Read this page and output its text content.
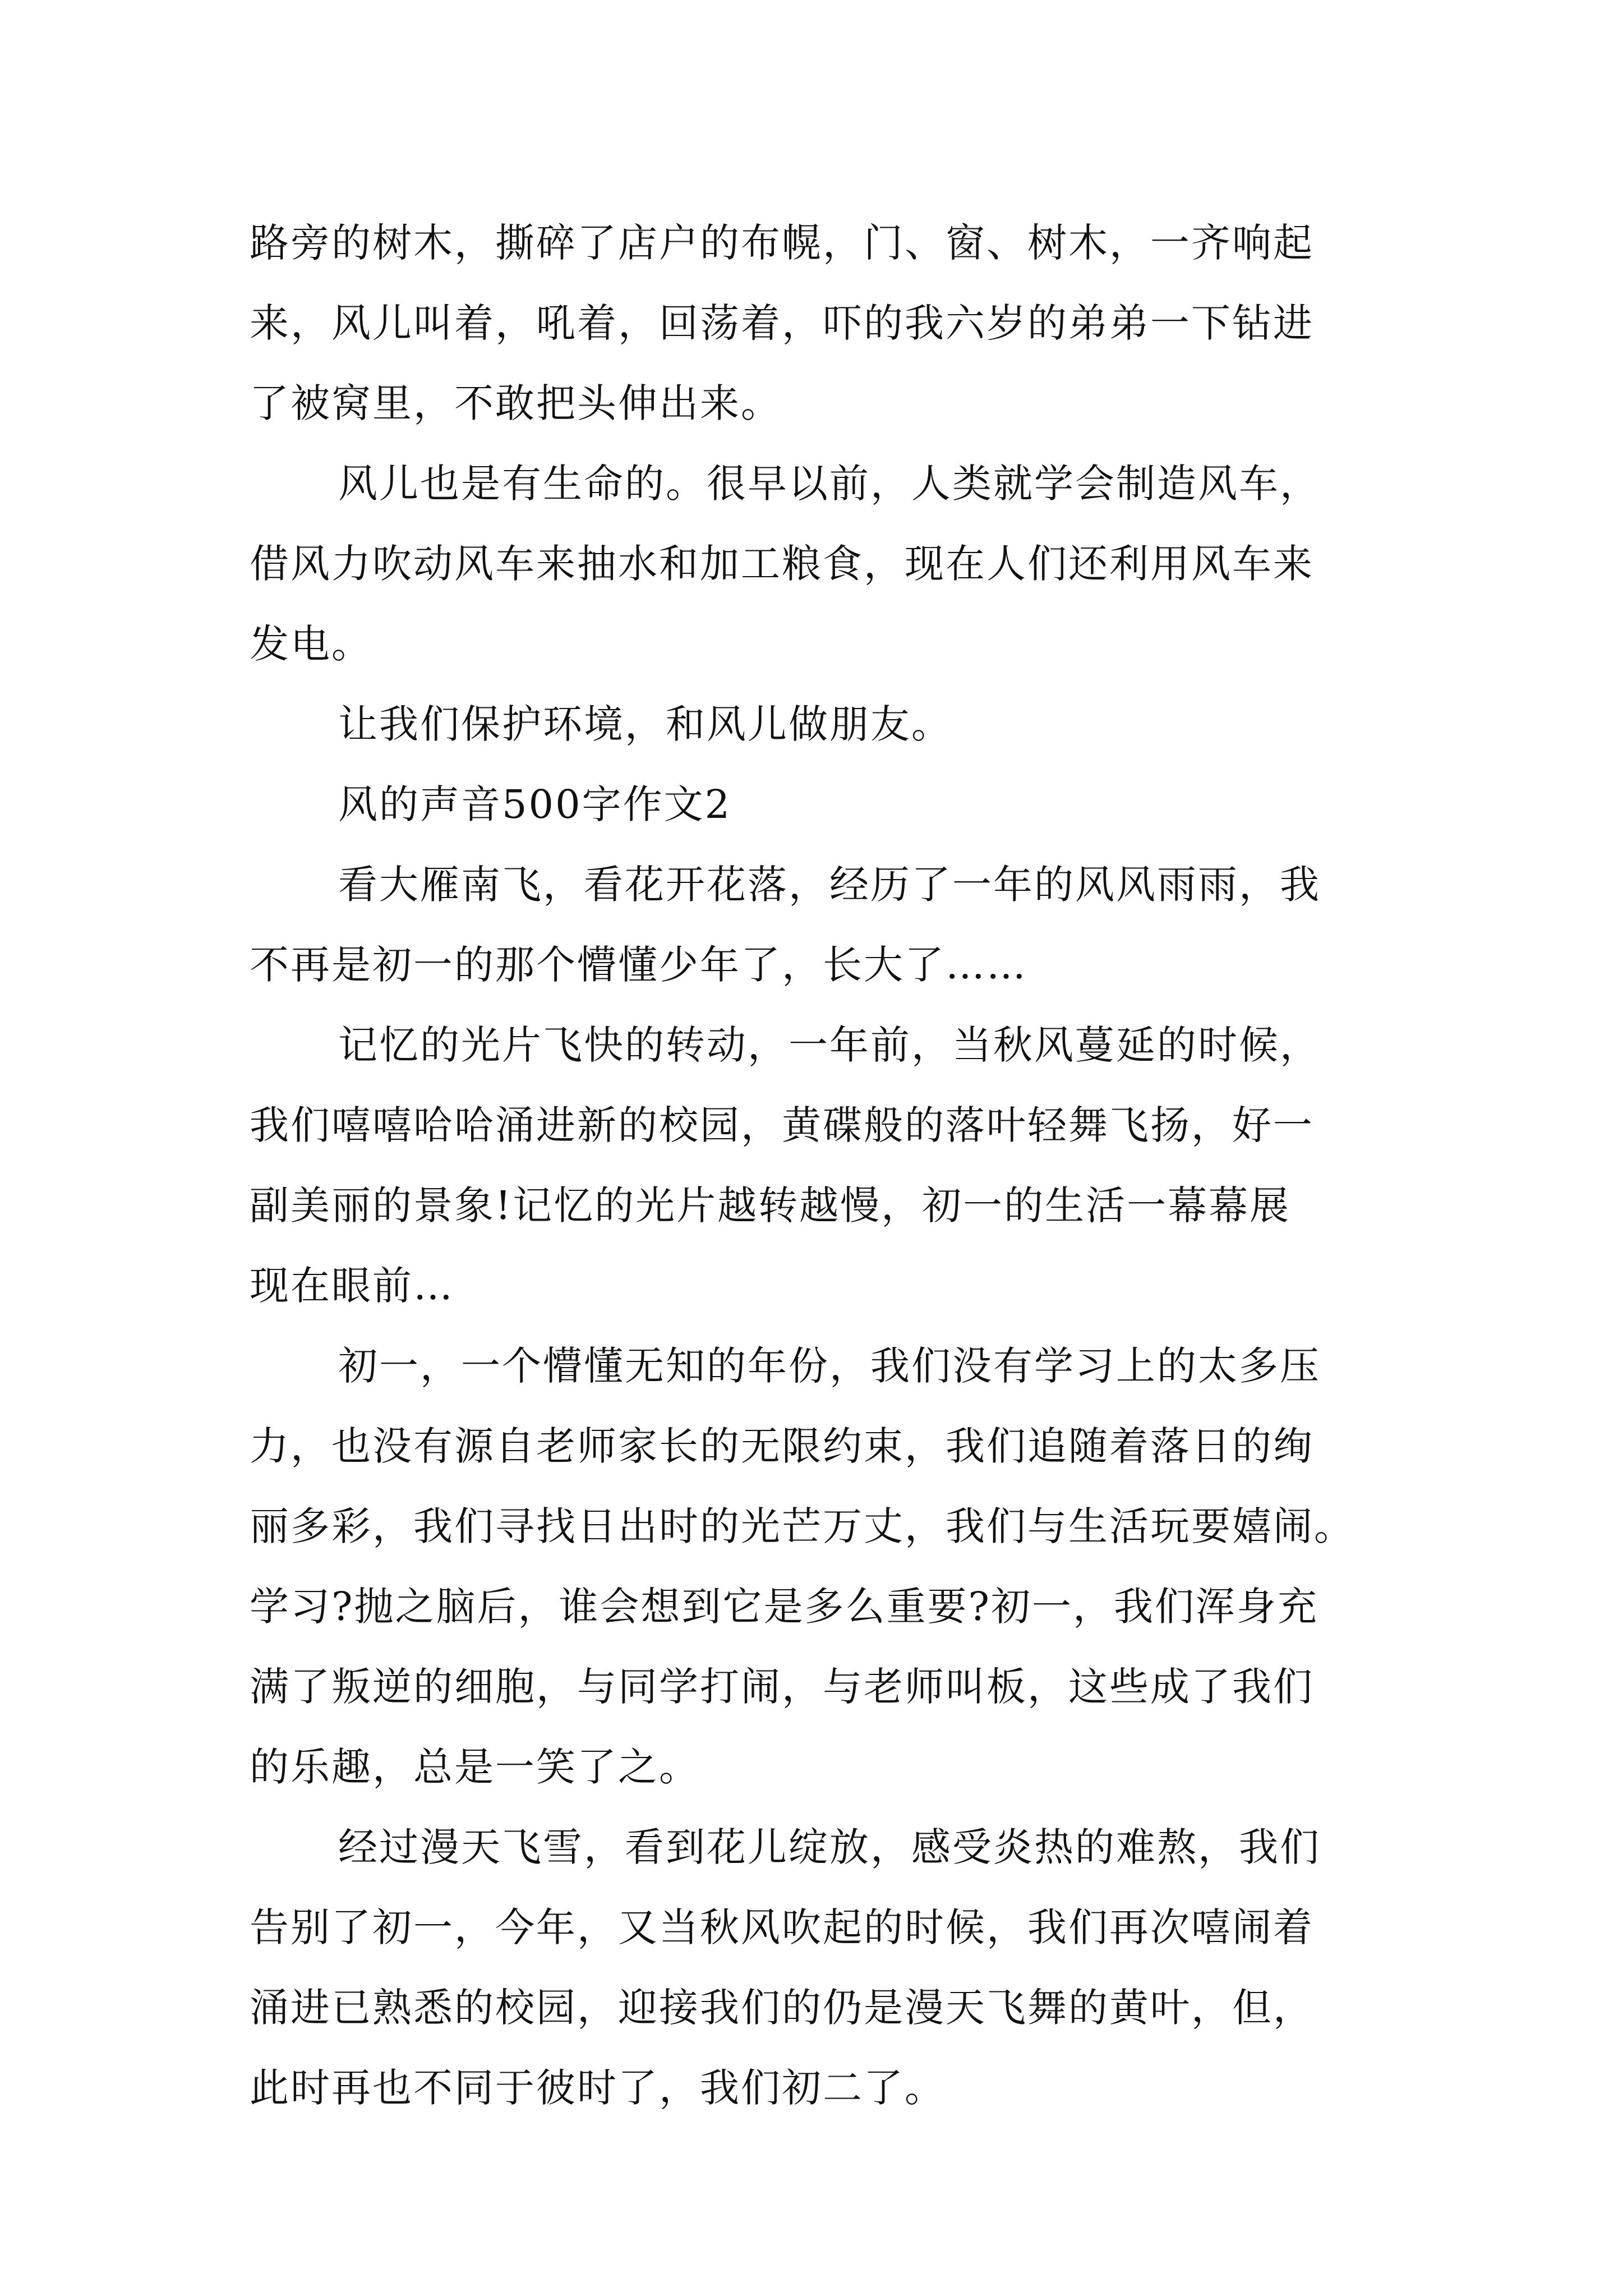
路旁的树木，撕碎了店户的布幌，门、窗、树木，一齐响起
来，风儿叫着，吼着，回荡着，吓的我六岁的弟弟一下钻进
了被窝里，不敢把头伸出来。
风儿也是有生命的。很早以前，人类就学会制造风车，
借风力吹动风车来抽水和加工粮食，现在人们还利用风车来
发电。
让我们保护环境，和风儿做朋友。
风的声音500字作文2
看大雁南飞，看花开花落，经历了一年的风风雨雨，我
不再是初一的那个懵懂少年了，长大了……
记忆的光片飞快的转动，一年前，当秋风蔓延的时候，
我们嘻嘻哈哈涌进新的校园，黄碟般的落叶轻舞飞扬，好一
副美丽的景象!记忆的光片越转越慢，初一的生活一幕幕展
现在眼前…
初一，一个懵懂无知的年份，我们没有学习上的太多压
力，也没有源自老师家长的无限约束，我们追随着落日的绚
丽多彩，我们寻找日出时的光芒万丈，我们与生活玩要嬉闹。
学习?抛之脑后，谁会想到它是多么重要?初一，我们浑身充
满了叛逆的细胞，与同学打闹，与老师叫板，这些成了我们
的乐趣，总是一笑了之。
经过漫天飞雪，看到花儿绽放，感受炎热的难熬，我们
告别了初一，今年，又当秋风吹起的时候，我们再次嘻闹着
涌进已熟悉的校园，迎接我们的仍是漫天飞舞的黄叶，但，
此时再也不同于彼时了，我们初二了。
